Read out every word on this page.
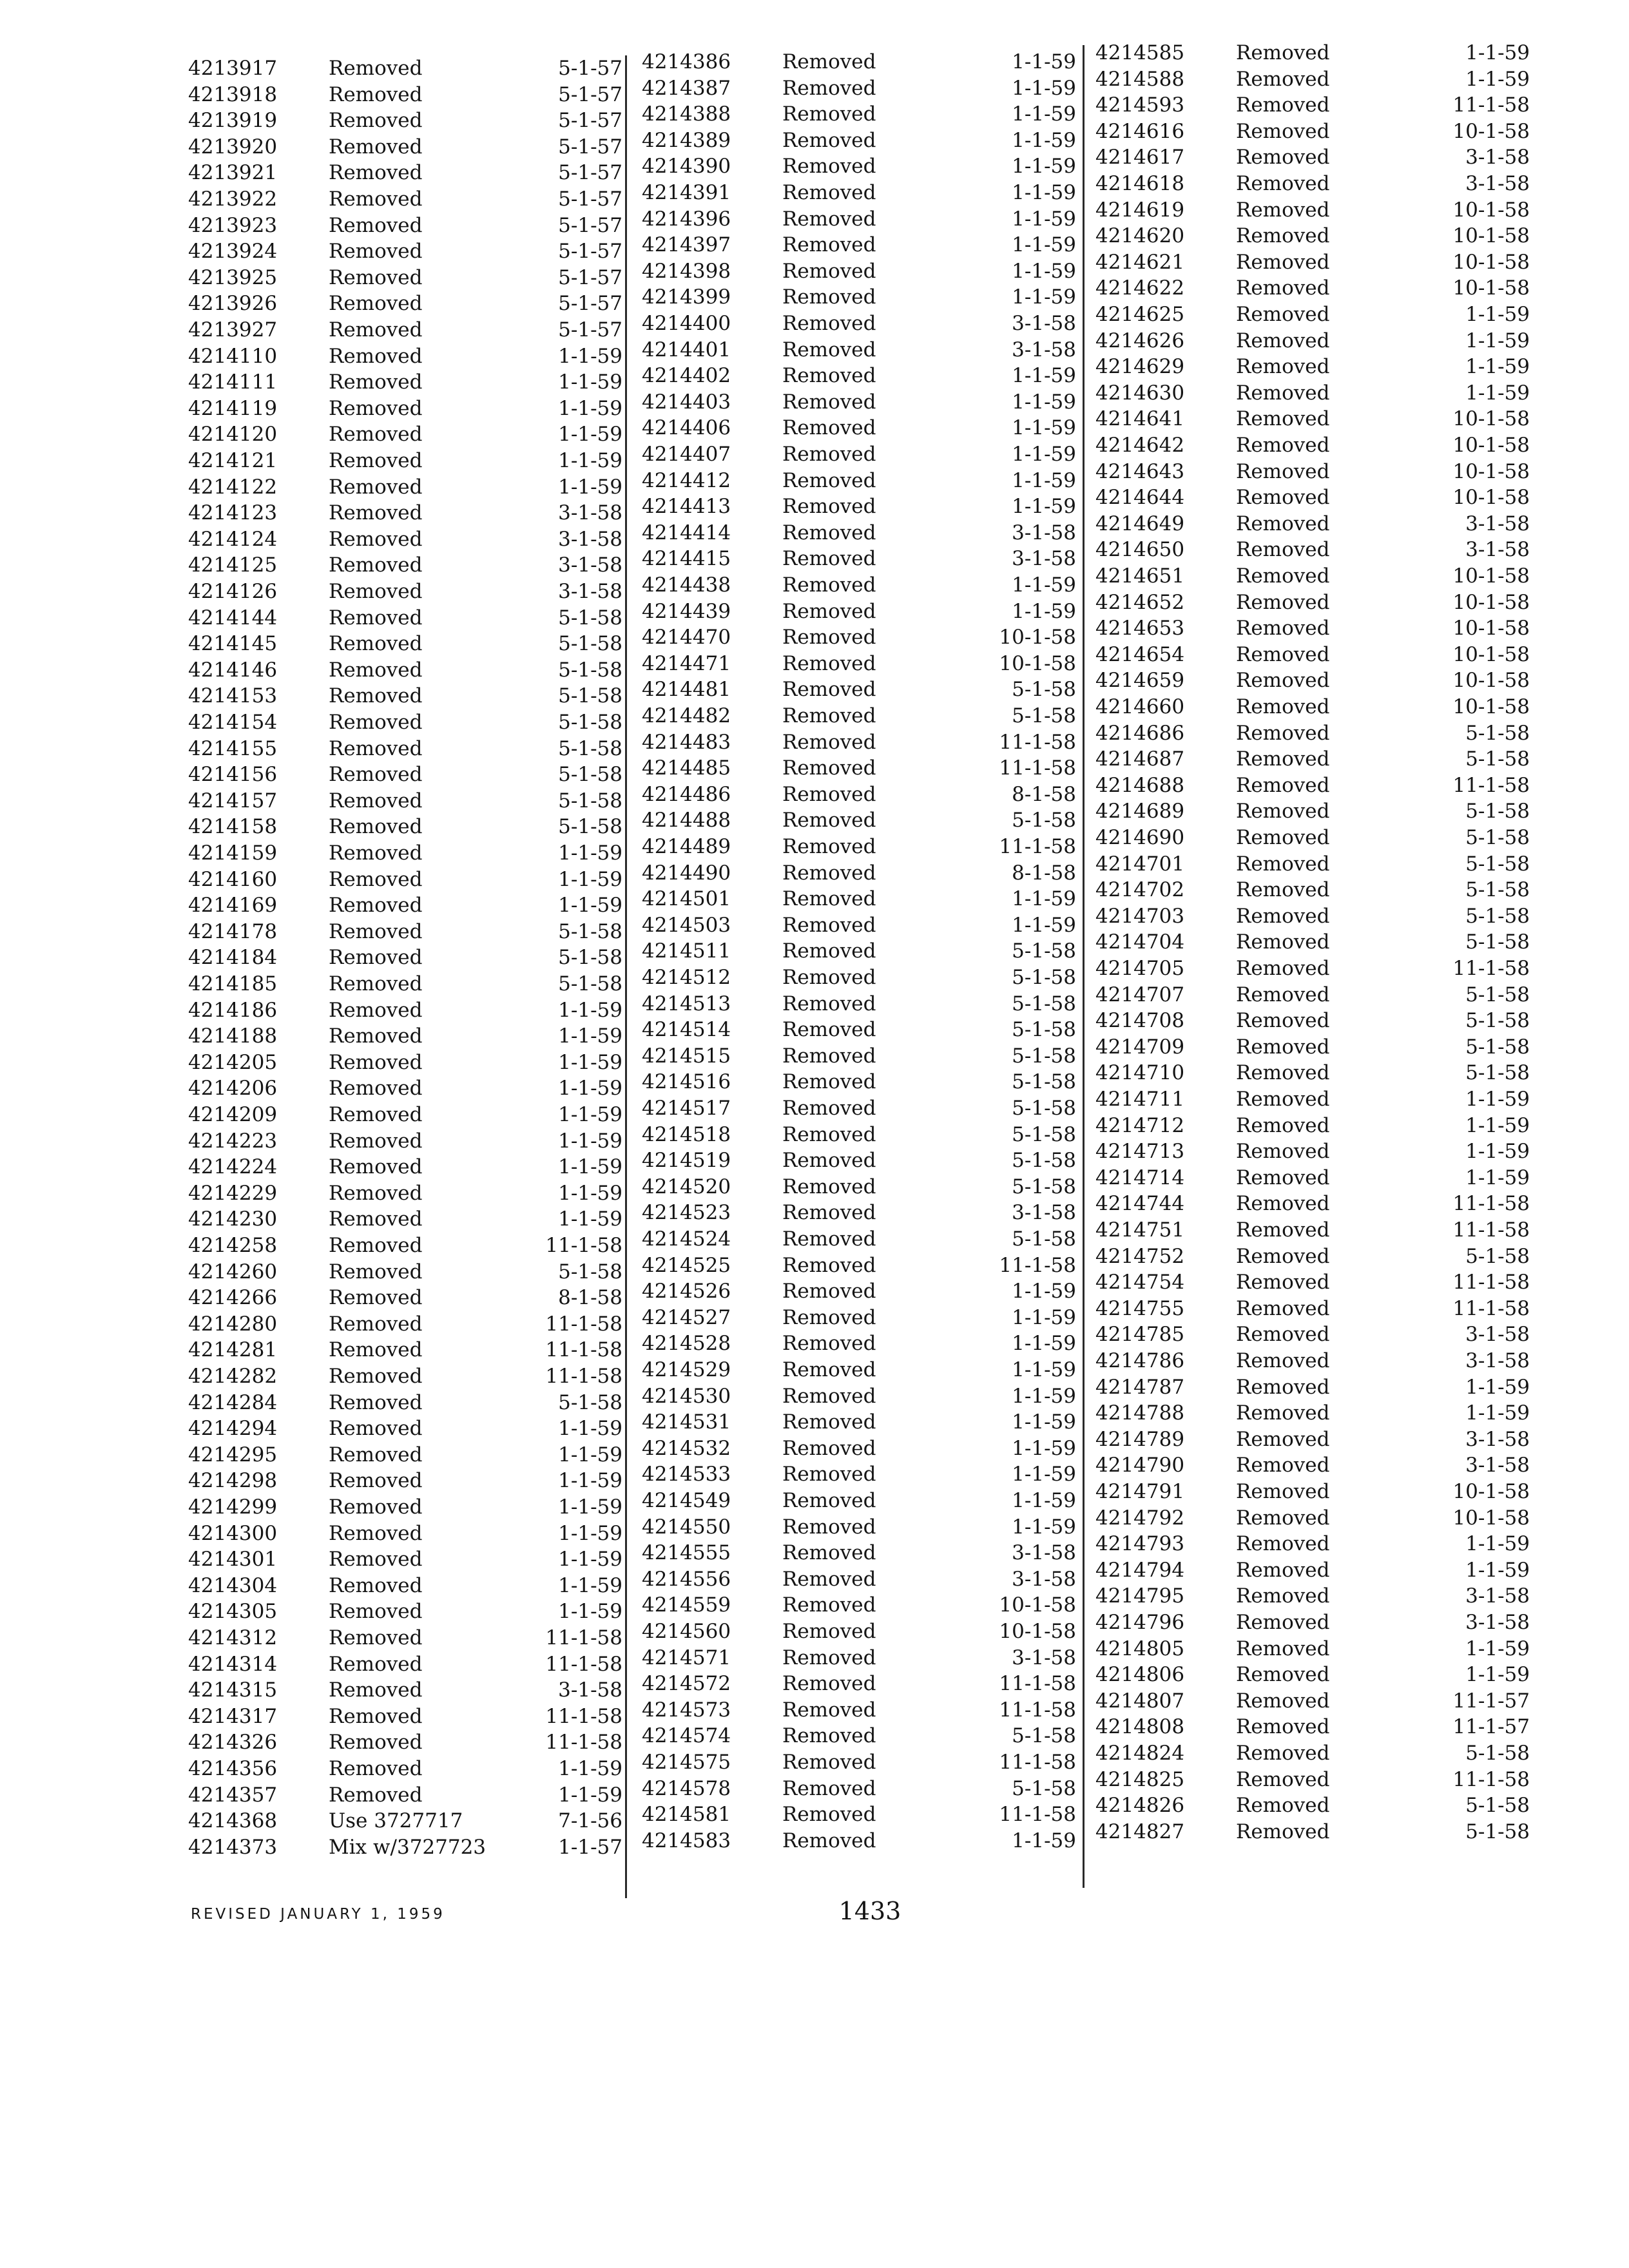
4213917	Removed	5-1-57
4213918	Removed	5-1-57
4213919	Removed	5-1-57
4213920	Removed	5-1-57
4213921	Removed	5-1-57
4213922	Removed	5-1-57
4213923	Removed	5-1-57
4213924	Removed	5-1-57
4213925	Removed	5-1-57
4213926	Removed	5-1-57
4213927	Removed	5-1-57
4214110	Removed	1-1-59
4214111	Removed	1-1-59
4214119	Removed	1-1-59
4214120	Removed	1-1-59
4214121	Removed	1-1-59
4214122	Removed	1-1-59
4214123	Removed	3-1-58
4214124	Removed	3-1-58
4214125	Removed	3-1-58
4214126	Removed	3-1-58
4214144	Removed	5-1-58
4214145	Removed	5-1-58
4214146	Removed	5-1-58
4214153	Removed	5-1-58
4214154	Removed	5-1-58
4214155	Removed	5-1-58
4214156	Removed	5-1-58
4214157	Removed	5-1-58
4214158	Removed	5-1-58
4214159	Removed	1-1-59
4214160	Removed	1-1-59
4214169	Removed	1-1-59
4214178	Removed	5-1-58
4214184	Removed	5-1-58
4214185	Removed	5-1-58
4214186	Removed	1-1-59
4214188	Removed	1-1-59
4214205	Removed	1-1-59
4214206	Removed	1-1-59
4214209	Removed	1-1-59
4214223	Removed	1-1-59
4214224	Removed	1-1-59
4214229	Removed	1-1-59
4214230	Removed	1-1-59
4214258	Removed	11-1-58
4214260	Removed	5-1-58
4214266	Removed	8-1-58
4214280	Removed	11-1-58
4214281	Removed	11-1-58
4214282	Removed	11-1-58
4214284	Removed	5-1-58
4214294	Removed	1-1-59
4214295	Removed	1-1-59
4214298	Removed	1-1-59
4214299	Removed	1-1-59
4214300	Removed	1-1-59
4214301	Removed	1-1-59
4214304	Removed	1-1-59
4214305	Removed	1-1-59
4214312	Removed	11-1-58
4214314	Removed	11-1-58
4214315	Removed	3-1-58
4214317	Removed	11-1-58
4214326	Removed	11-1-58
4214356	Removed	1-1-59
4214357	Removed	1-1-59
4214368	Use 3727717	7-1-56
4214373	Mix w/3727723	1-1-57
4214386	Removed	1-1-59
4214387	Removed	1-1-59
4214388	Removed	1-1-59
4214389	Removed	1-1-59
4214390	Removed	1-1-59
4214391	Removed	1-1-59
4214396	Removed	1-1-59
4214397	Removed	1-1-59
4214398	Removed	1-1-59
4214399	Removed	1-1-59
4214400	Removed	3-1-58
4214401	Removed	3-1-58
4214402	Removed	1-1-59
4214403	Removed	1-1-59
4214406	Removed	1-1-59
4214407	Removed	1-1-59
4214412	Removed	1-1-59
4214413	Removed	1-1-59
4214414	Removed	3-1-58
4214415	Removed	3-1-58
4214438	Removed	1-1-59
4214439	Removed	1-1-59
4214470	Removed	10-1-58
4214471	Removed	10-1-58
4214481	Removed	5-1-58
4214482	Removed	5-1-58
4214483	Removed	11-1-58
4214485	Removed	11-1-58
4214486	Removed	8-1-58
4214488	Removed	5-1-58
4214489	Removed	11-1-58
4214490	Removed	8-1-58
4214501	Removed	1-1-59
4214503	Removed	1-1-59
4214511	Removed	5-1-58
4214512	Removed	5-1-58
4214513	Removed	5-1-58
4214514	Removed	5-1-58
4214515	Removed	5-1-58
4214516	Removed	5-1-58
4214517	Removed	5-1-58
4214518	Removed	5-1-58
4214519	Removed	5-1-58
4214520	Removed	5-1-58
4214523	Removed	3-1-58
4214524	Removed	5-1-58
4214525	Removed	11-1-58
4214526	Removed	1-1-59
4214527	Removed	1-1-59
4214528	Removed	1-1-59
4214529	Removed	1-1-59
4214530	Removed	1-1-59
4214531	Removed	1-1-59
4214532	Removed	1-1-59
4214533	Removed	1-1-59
4214549	Removed	1-1-59
4214550	Removed	1-1-59
4214555	Removed	3-1-58
4214556	Removed	3-1-58
4214559	Removed	10-1-58
4214560	Removed	10-1-58
4214571	Removed	3-1-58
4214572	Removed	11-1-58
4214573	Removed	11-1-58
4214574	Removed	5-1-58
4214575	Removed	11-1-58
4214578	Removed	5-1-58
4214581	Removed	11-1-58
4214583	Removed	1-1-59
4214585	Removed	1-1-59
4214588	Removed	1-1-59
4214593	Removed	11-1-58
4214616	Removed	10-1-58
4214617	Removed	3-1-58
4214618	Removed	3-1-58
4214619	Removed	10-1-58
4214620	Removed	10-1-58
4214621	Removed	10-1-58
4214622	Removed	10-1-58
4214625	Removed	1-1-59
4214626	Removed	1-1-59
4214629	Removed	1-1-59
4214630	Removed	1-1-59
4214641	Removed	10-1-58
4214642	Removed	10-1-58
4214643	Removed	10-1-58
4214644	Removed	10-1-58
4214649	Removed	3-1-58
4214650	Removed	3-1-58
4214651	Removed	10-1-58
4214652	Removed	10-1-58
4214653	Removed	10-1-58
4214654	Removed	10-1-58
4214659	Removed	10-1-58
4214660	Removed	10-1-58
4214686	Removed	5-1-58
4214687	Removed	5-1-58
4214688	Removed	11-1-58
4214689	Removed	5-1-58
4214690	Removed	5-1-58
4214701	Removed	5-1-58
4214702	Removed	5-1-58
4214703	Removed	5-1-58
4214704	Removed	5-1-58
4214705	Removed	11-1-58
4214707	Removed	5-1-58
4214708	Removed	5-1-58
4214709	Removed	5-1-58
4214710	Removed	5-1-58
4214711	Removed	1-1-59
4214712	Removed	1-1-59
4214713	Removed	1-1-59
4214714	Removed	1-1-59
4214744	Removed	11-1-58
4214751	Removed	11-1-58
4214752	Removed	5-1-58
4214754	Removed	11-1-58
4214755	Removed	11-1-58
4214785	Removed	3-1-58
4214786	Removed	3-1-58
4214787	Removed	1-1-59
4214788	Removed	1-1-59
4214789	Removed	3-1-58
4214790	Removed	3-1-58
4214791	Removed	10-1-58
4214792	Removed	10-1-58
4214793	Removed	1-1-59
4214794	Removed	1-1-59
4214795	Removed	3-1-58
4214796	Removed	3-1-58
4214805	Removed	1-1-59
4214806	Removed	1-1-59
4214807	Removed	11-1-57
4214808	Removed	11-1-57
4214824	Removed	5-1-58
4214825	Removed	11-1-58
4214826	Removed	5-1-58
4214827	Removed	5-1-58
REVISED JANUARY 1, 1959	1433
